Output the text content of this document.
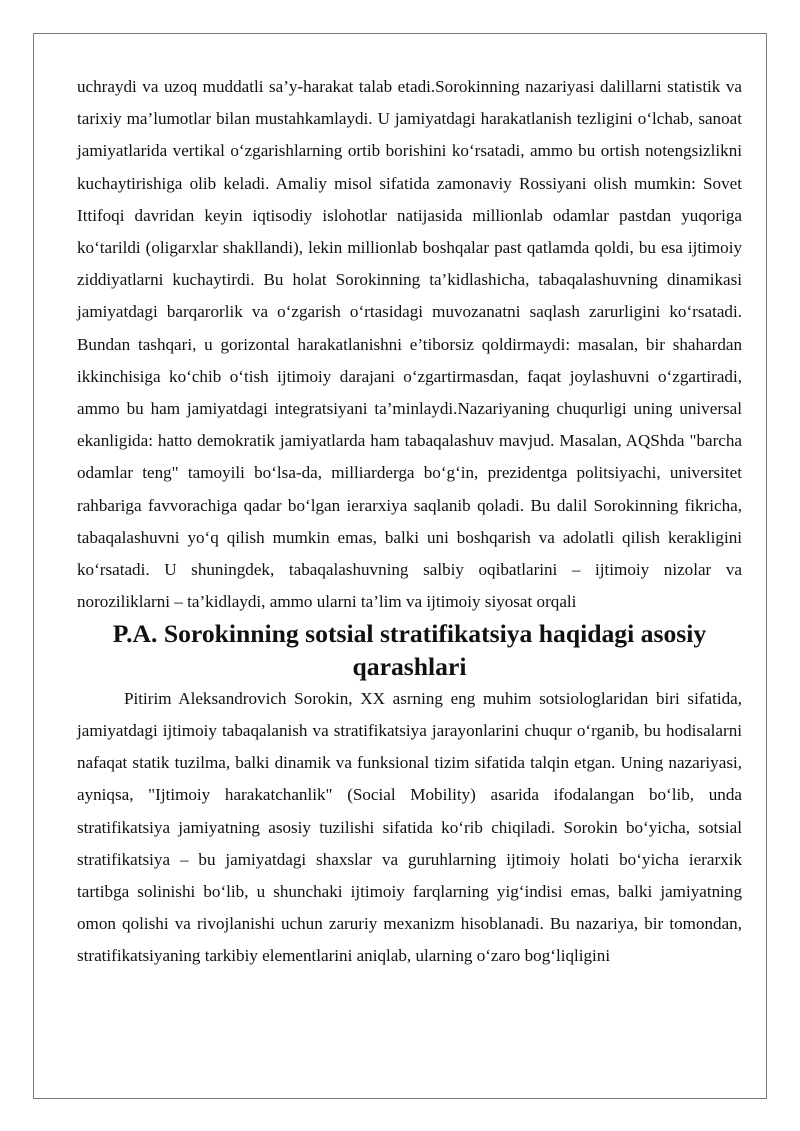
uchraydi va uzoq muddatli sa’y-harakat talab etadi.Sorokinning nazariyasi dalillarni statistik va tarixiy ma’lumotlar bilan mustahkamlaydi. U jamiyatdagi harakatlanish tezligini o‘lchab, sanoat jamiyatlarida vertikal o‘zgarishlarning ortib borishini ko‘rsatadi, ammo bu ortish notengsizlikni kuchaytirishiga olib keladi. Amaliy misol sifatida zamonaviy Rossiyani olish mumkin: Sovet Ittifoqi davridan keyin iqtisodiy islohotlar natijasida millionlab odamlar pastdan yuqoriga ko‘tarildi (oligarxlar shakllandi), lekin millionlab boshqalar past qatlamda qoldi, bu esa ijtimoiy ziddiyatlarni kuchaytirdi. Bu holat Sorokinning ta’kidlashicha, tabaqalashuvning dinamikasi jamiyatdagi barqarorlik va o‘zgarish o‘rtasidagi muvozanatni saqlash zarurligini ko‘rsatadi. Bundan tashqari, u gorizontal harakatlanishni e’tiborsiz qoldirmaydi: masalan, bir shahardan ikkinchisiga ko‘chib o‘tish ijtimoiy darajani o‘zgartirmasdan, faqat joylashuvni o‘zgartiradi, ammo bu ham jamiyatdagi integratsiyani ta’minlaydi.Nazariyaning chuqurligi uning universal ekanligida: hatto demokratik jamiyatlarda ham tabaqalashuv mavjud. Masalan, AQShda "barcha odamlar teng" tamoyili bo‘lsa-da, milliarderga bo‘g‘in, prezidentga politsiyachi, universitet rahbariga favvorachiga qadar bo‘lgan ierarxiya saqlanib qoladi. Bu dalil Sorokinning fikricha, tabaqalashuvni yo‘q qilish mumkin emas, balki uni boshqarish va adolatli qilish kerakligini ko‘rsatadi. U shuningdek, tabaqalashuvning salbiy oqibatlarini – ijtimoiy nizolar va noroziliklarni – ta’kidlaydi, ammo ularni ta’lim va ijtimoiy siyosat orqali

P.A. Sorokinning sotsial stratifikatsiya haqidagi asosiy qarashlari

Pitirim Aleksandrovich Sorokin, XX asrning eng muhim sotsiologlaridan biri sifatida, jamiyatdagi ijtimoiy tabaqalanish va stratifikatsiya jarayonlarini chuqur o‘rganib, bu hodisalarni nafaqat statik tuzilma, balki dinamik va funksional tizim sifatida talqin etgan. Uning nazariyasi, ayniqsa, "Ijtimoiy harakatchanlik" (Social Mobility) asarida ifodalangan bo‘lib, unda stratifikatsiya jamiyatning asosiy tuzilishi sifatida ko‘rib chiqiladi. Sorokin bo‘yicha, sotsial stratifikatsiya – bu jamiyatdagi shaxslar va guruhlarning ijtimoiy holati bo‘yicha ierarxik tartibga solinishi bo‘lib, u shunchaki ijtimoiy farqlarning yig‘indisi emas, balki jamiyatning omon qolishi va rivojlanishi uchun zaruriy mexanizm hisoblanadi. Bu nazariya, bir tomondan, stratifikatsiyaning tarkibiy elementlarini aniqlab, ularning o‘zaro bog‘liqligini
